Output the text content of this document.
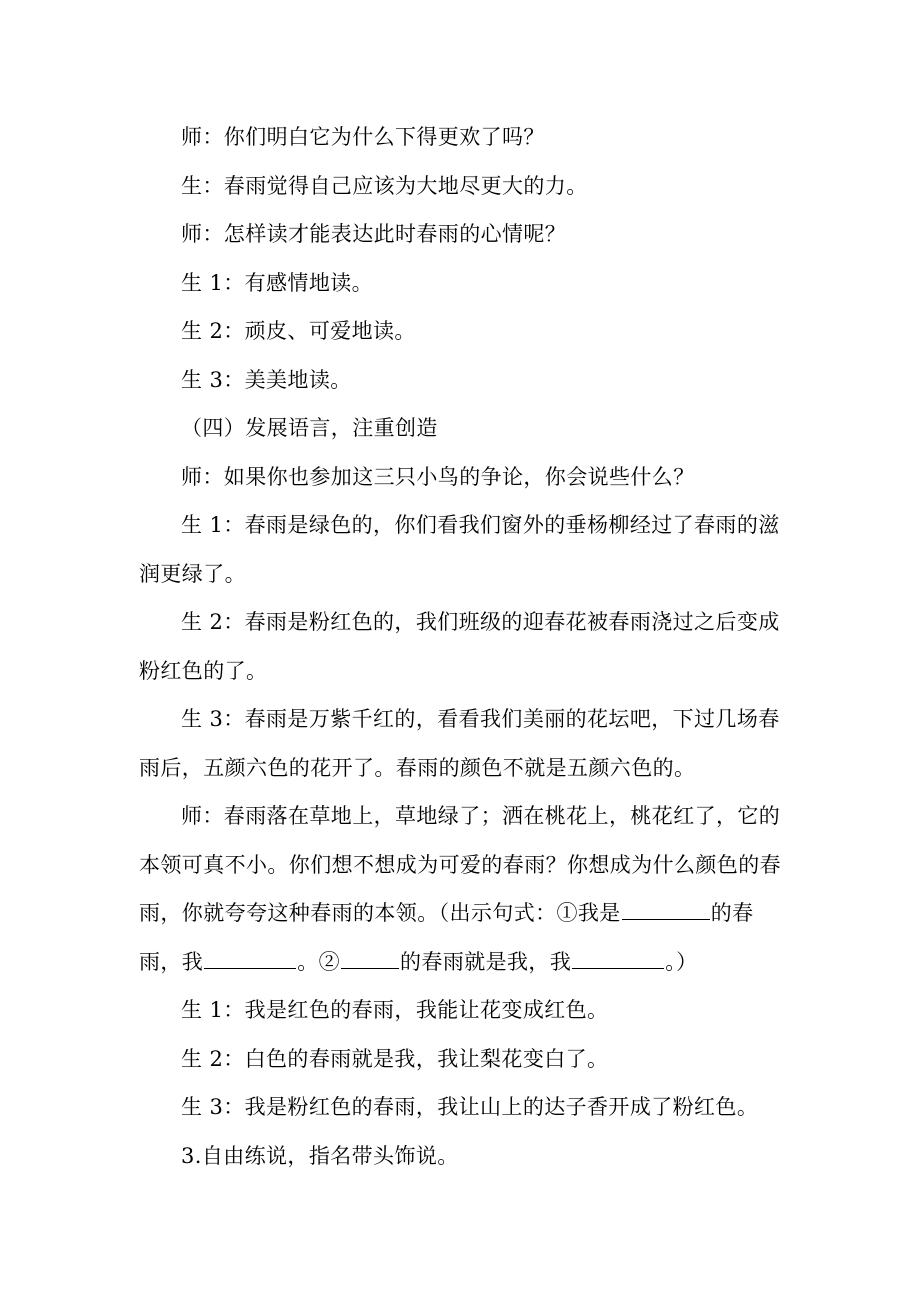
师：你们明白它为什么下得更欢了吗？

生：春雨觉得自己应该为大地尽更大的力。

师：怎样读才能表达此时春雨的心情呢？

生 1：有感情地读。

生 2：顽皮、可爱地读。

生 3：美美地读。

（四）发展语言，注重创造

师：如果你也参加这三只小鸟的争论，你会说些什么？

生 1：春雨是绿色的，你们看我们窗外的垂杨柳经过了春雨的滋润更绿了。

生 2：春雨是粉红色的，我们班级的迎春花被春雨浇过之后变成粉红色的了。

生 3：春雨是万紫千红的，看看我们美丽的花坛吧，下过几场春雨后，五颜六色的花开了。春雨的颜色不就是五颜六色的。

师：春雨落在草地上，草地绿了；洒在桃花上，桃花红了，它的本领可真不小。你们想不想成为可爱的春雨？你想成为什么颜色的春雨，你就夸夸这种春雨的本领。（出示句式：①我是	的春雨，我	。②	的春雨就是我，我	。）

生 1：我是红色的春雨，我能让花变成红色。

生 2：白色的春雨就是我，我让梨花变白了。

生 3：我是粉红色的春雨，我让山上的达子香开成了粉红色。

3.自由练说，指名带头饰说。
